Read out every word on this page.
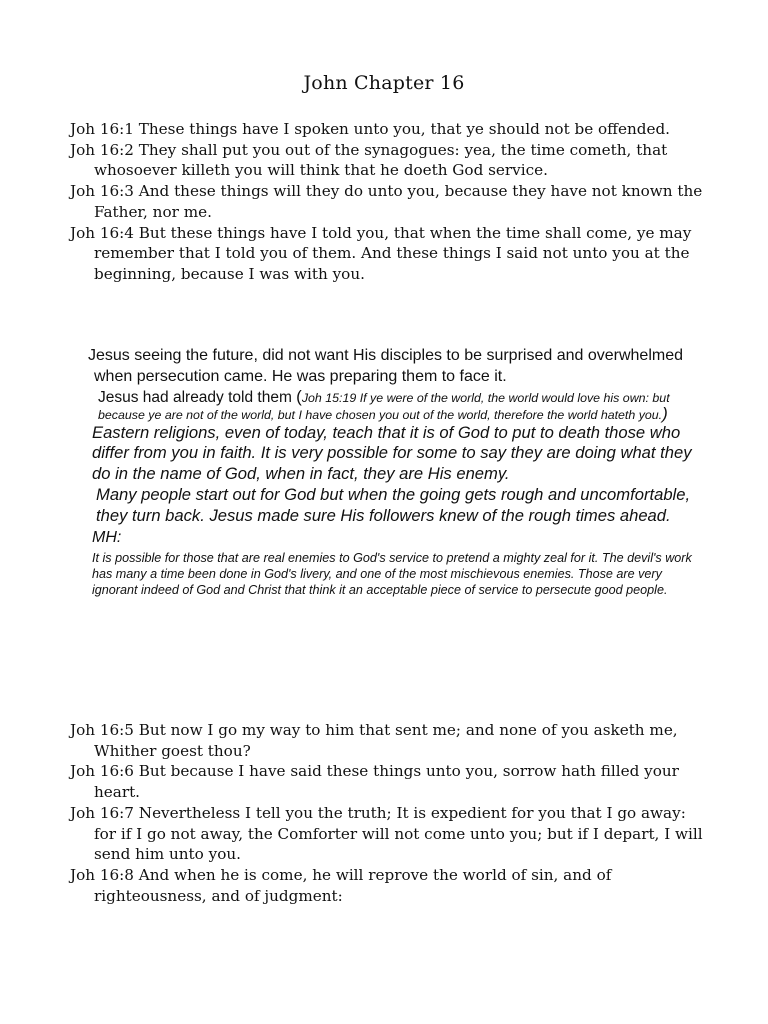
John Chapter 16

Joh 16:1 These things have I spoken unto you, that ye should not be offended.

Joh 16:2 They shall put you out of the synagogues: yea, the time cometh, that whosoever killeth you will think that he doeth God service.

Joh 16:3 And these things will they do unto you, because they have not known the Father, nor me.

Joh 16:4 But these things have I told you, that when the time shall come, ye may remember that I told you of them. And these things I said not unto you at the beginning, because I was with you.

Jesus seeing the future, did not want His disciples to be surprised and overwhelmed when persecution came. He was preparing them to face it.

Jesus had already told them (Joh 15:19 If ye were of the world, the world would love his own: but because ye are not of the world, but I have chosen you out of the world, therefore the world hateth you.)

Eastern religions, even of today, teach that it is of God to put to death those who differ from you in faith. It is very possible for some to say they are doing what they do in the name of God, when in fact, they are His enemy.

Many people start out for God but when the going gets rough and uncomfortable, they turn back. Jesus made sure His followers knew of the rough times ahead.

MH:

It is possible for those that are real enemies to God's service to pretend a mighty zeal for it. The devil's work has many a time been done in God's livery, and one of the most mischievous enemies. Those are very ignorant indeed of God and Christ that think it an acceptable piece of service to persecute good people.

Joh 16:5 But now I go my way to him that sent me; and none of you asketh me, Whither goest thou?

Joh 16:6 But because I have said these things unto you, sorrow hath filled your heart.

Joh 16:7 Nevertheless I tell you the truth; It is expedient for you that I go away: for if I go not away, the Comforter will not come unto you; but if I depart, I will send him unto you.

Joh 16:8 And when he is come, he will reprove the world of sin, and of righteousness, and of judgment:
